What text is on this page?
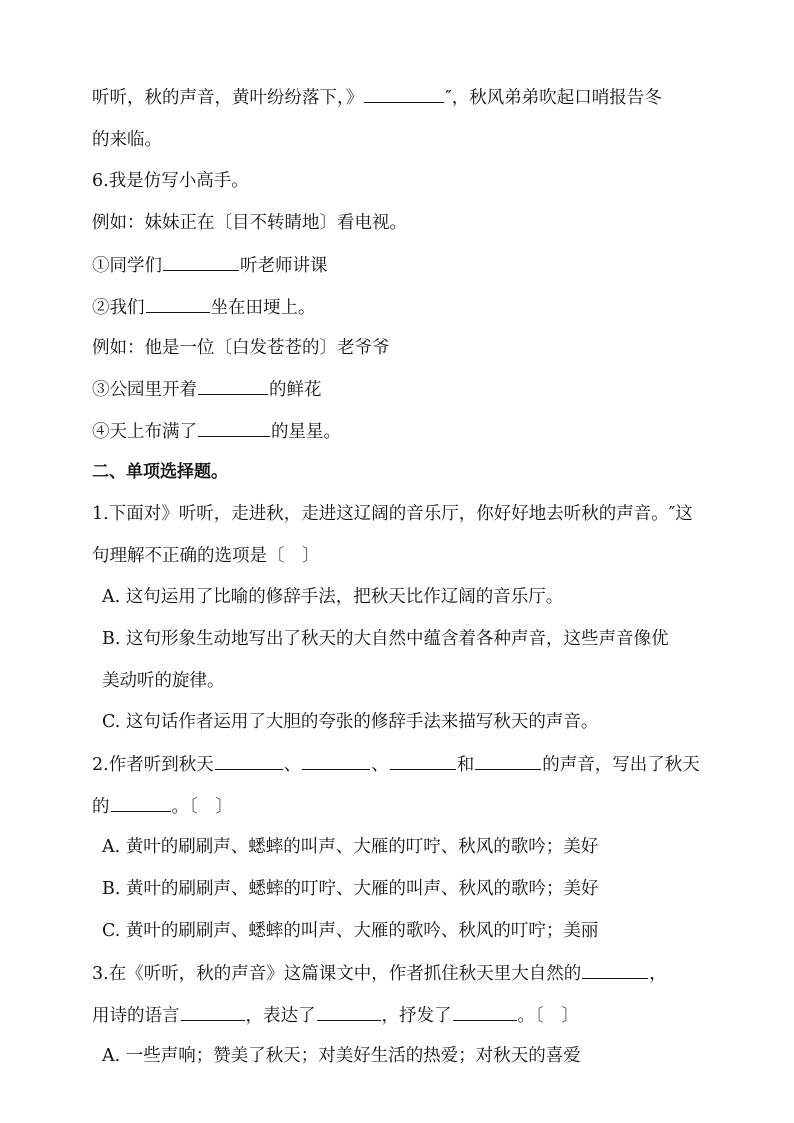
听听，秋的声音，黄叶纷纷落下，》	″，秋风弟弟吹起口哨报告冬
的来临。
6.我是仿写小高手。
例如：妹妹正在〔目不转睛地〕看电视。
①同学们	听老师讲课
②我们	坐在田埂上。
例如：他是一位〔白发苍苍的〕老爷爷
③公园里开着	的鲜花
④天上布满了	的星星。
二、单项选择题。
1.下面对》听听，走进秋，走进这辽阔的音乐厅，你好好地去听秋的声音。″这
句理解不正确的选项是〔　〕
A. 这句运用了比喻的修辞手法，把秋天比作辽阔的音乐厅。
B. 这句形象生动地写出了秋天的大自然中蕴含着各种声音，这些声音像优
美动听的旋律。
C. 这句话作者运用了大胆的夸张的修辞手法来描写秋天的声音。
2.作者听到秋天	、	、	和	的声音，写出了秋天
的	。〔　〕
A. 黄叶的刷刷声、蟋蟀的叫声、大雁的叮咛、秋风的歌吟；美好
B. 黄叶的刷刷声、蟋蟀的叮咛、大雁的叫声、秋风的歌吟；美好
C. 黄叶的刷刷声、蟋蟀的叫声、大雁的歌吟、秋风的叮咛；美丽
3.在《听听，秋的声音》这篇课文中，作者抓住秋天里大自然的	，
用诗的语言	，表达了	，抒发了	。〔　〕
A. 一些声响；赞美了秋天；对美好生活的热爱；对秋天的喜爱
